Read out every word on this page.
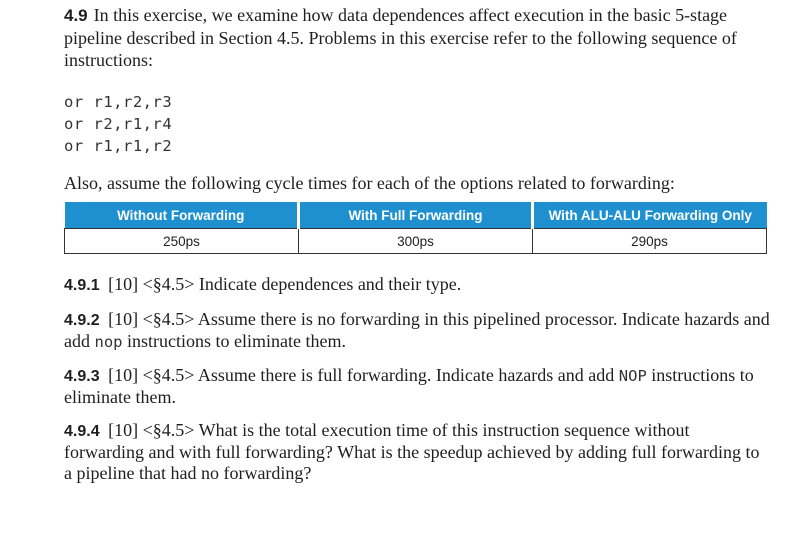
4.9 In this exercise, we examine how data dependences affect execution in the basic 5-stage pipeline described in Section 4.5. Problems in this exercise refer to the following sequence of instructions:

or r1,r2,r3
or r2,r1,r4
or r1,r1,r2

Also, assume the following cycle times for each of the options related to forwarding:

Without Forwarding	With Full Forwarding	With ALU-ALU Forwarding Only
250ps	300ps	290ps

4.9.1 [10] <§4.5> Indicate dependences and their type.

4.9.2 [10] <§4.5> Assume there is no forwarding in this pipelined processor. Indicate hazards and add nop instructions to eliminate them.

4.9.3 [10] <§4.5> Assume there is full forwarding. Indicate hazards and add NOP instructions to eliminate them.

4.9.4 [10] <§4.5> What is the total execution time of this instruction sequence without forwarding and with full forwarding? What is the speedup achieved by adding full forwarding to a pipeline that had no forwarding?
